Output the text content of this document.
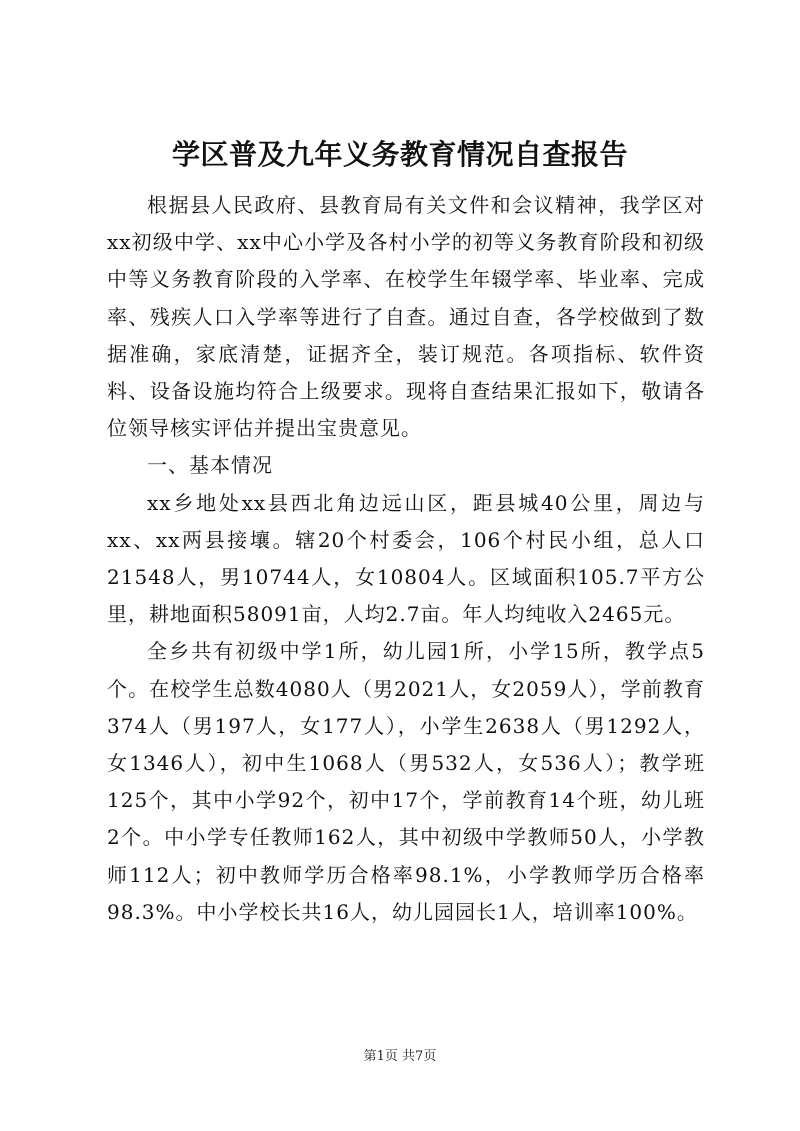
学区普及九年义务教育情况自查报告

根据县人民政府、县教育局有关文件和会议精神，我学区对xx初级中学、xx中心小学及各村小学的初等义务教育阶段和初级中等义务教育阶段的入学率、在校学生年辍学率、毕业率、完成率、残疾人口入学率等进行了自查。通过自查，各学校做到了数据准确，家底清楚，证据齐全，装订规范。各项指标、软件资料、设备设施均符合上级要求。现将自查结果汇报如下，敬请各位领导核实评估并提出宝贵意见。

一、基本情况

xx乡地处xx县西北角边远山区，距县城40公里，周边与xx、xx两县接壤。辖20个村委会，106个村民小组，总人口21548人，男10744人，女10804人。区域面积105.7平方公里，耕地面积58091亩，人均2.7亩。年人均纯收入2465元。

全乡共有初级中学1所，幼儿园1所，小学15所，教学点5个。在校学生总数4080人（男2021人，女2059人），学前教育374人（男197人，女177人），小学生2638人（男1292人，女1346人），初中生1068人（男532人，女536人）；教学班125个，其中小学92个，初中17个，学前教育14个班，幼儿班2个。中小学专任教师162人，其中初级中学教师50人，小学教师112人；初中教师学历合格率98.1%，小学教师学历合格率98.3%。中小学校长共16人，幼儿园园长1人，培训率100%。

第1页 共7页
